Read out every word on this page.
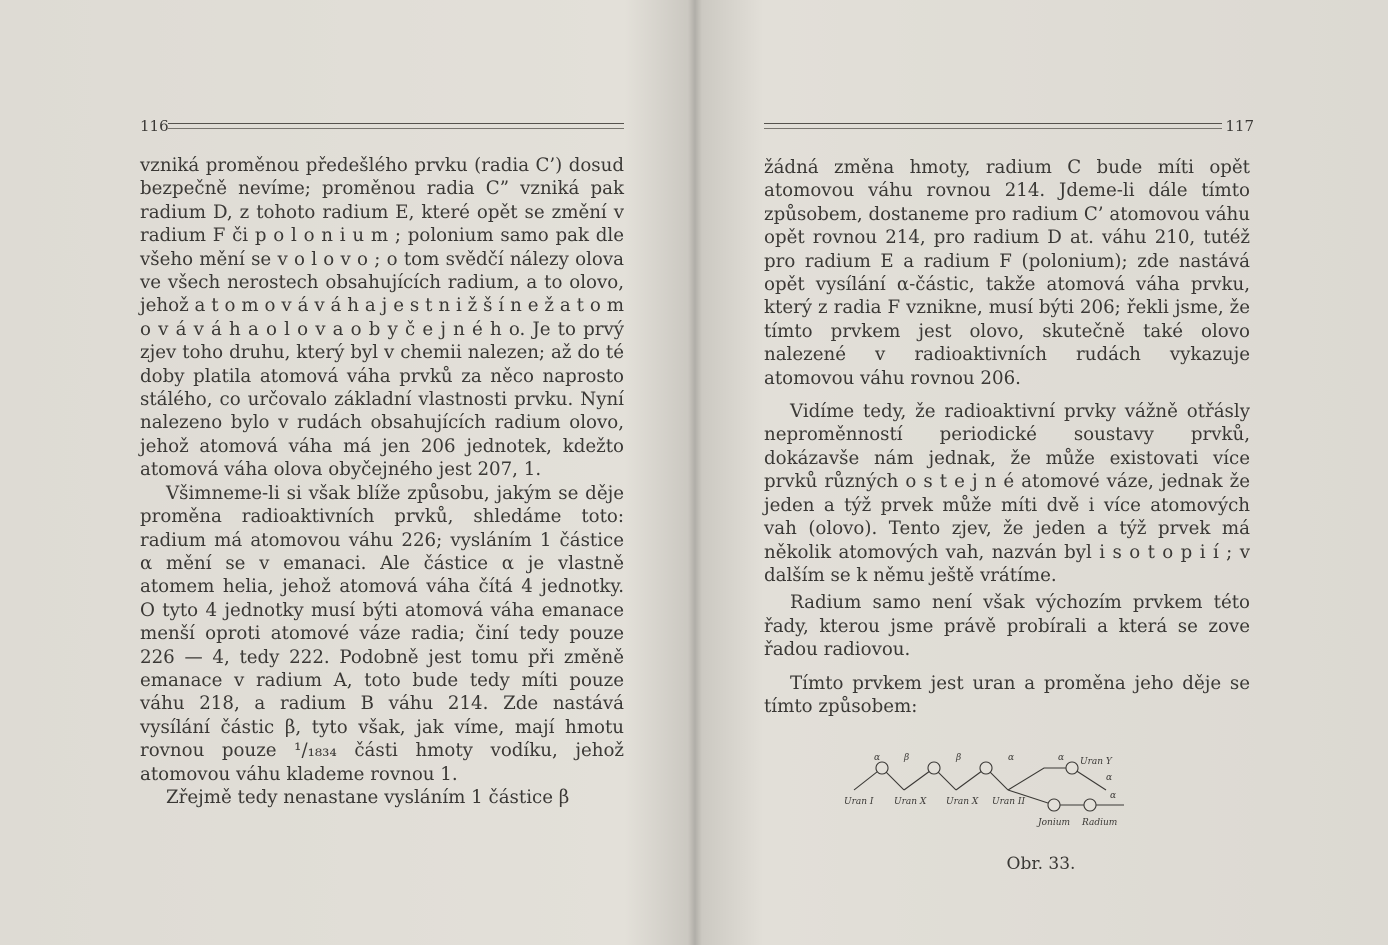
116

vzniká proměnou předešlého prvku (radia C’) dosud bezpečně nevíme; proměnou radia C” vzniká pak radium D, z tohoto radium E, které opět se změní v radium F či p o l o n i u m ; polonium samo pak dle všeho mění se v o l o v o ; o tom svědčí nálezy olova ve všech nerostech obsahujících radium, a to olovo, jehož a t o m o v á v á h a j e s t n i ž š í n e ž a t o m o v á v á h a o l o v a o b y č e j n é h o. Je to prvý zjev toho druhu, který byl v chemii nalezen; až do té doby platila atomová váha prvků za něco naprosto stálého, co určovalo základní vlastnosti prvku. Nyní nalezeno bylo v rudách obsahujících radium olovo, jehož atomová váha má jen 206 jednotek, kdežto atomová váha olova obyčejného jest 207, 1.

Všimneme-li si však blíže způsobu, jakým se děje proměna radioaktivních prvků, shledáme toto: radium má atomovou váhu 226; vysláním 1 částice α mění se v emanaci. Ale částice α je vlastně atomem helia, jehož atomová váha čítá 4 jednotky. O tyto 4 jednotky musí býti atomová váha emanace menší oproti atomové váze radia; činí tedy pouze 226 — 4, tedy 222. Podobně jest tomu při změně emanace v radium A, toto bude tedy míti pouze váhu 218, a radium B váhu 214. Zde nastává vysílání částic β, tyto však, jak víme, mají hmotu rovnou pouze ¹/₁₈₃₄ části hmoty vodíku, jehož atomovou váhu klademe rovnou 1.

Zřejmě tedy nenastane vysláním 1 částice β

117

žádná změna hmoty, radium C bude míti opět atomovou váhu rovnou 214. Jdeme-li dále tímto způsobem, dostaneme pro radium C’ atomovou váhu opět rovnou 214, pro radium D at. váhu 210, tutéž pro radium E a radium F (polonium); zde nastává opět vysílání α-částic, takže atomová váha prvku, který z radia F vznikne, musí býti 206; řekli jsme, že tímto prvkem jest olovo, skutečně také olovo nalezené v radioaktivních rudách vykazuje atomovou váhu rovnou 206.

Vidíme tedy, že radioaktivní prvky vážně otřásly neproměnností periodické soustavy prvků, dokázavše nám jednak, že může existovati více prvků různých o s t e j n é atomové váze, jednak že jeden a týž prvek může míti dvě i více atomových vah (olovo). Tento zjev, že jeden a týž prvek má několik atomových vah, nazván byl i s o t o p i í ; v dalším se k němu ještě vrátíme.

Radium samo není však výchozím prvkem této řady, kterou jsme právě probírali a která se zove řadou radiovou.

Tímto prvkem jest uran a proměna jeho děje se tímto způsobem:

Uran I Uran X Uran X Uran II
Uran Y
Jonium Radium
α	β	β	α	α
α
α
Obr. 33.
